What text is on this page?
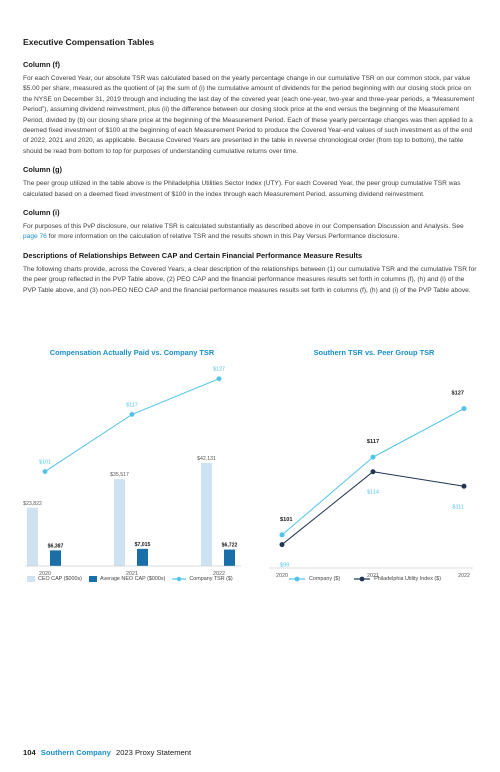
Executive Compensation Tables
Column (f)

For each Covered Year, our absolute TSR was calculated based on the yearly percentage change in our cumulative TSR on our common stock, par value $5.00 per share, measured as the quotient of (a) the sum of (i) the cumulative amount of dividends for the period beginning with our closing stock price on the NYSE on December 31, 2019 through and including the last day of the covered year (each one-year, two-year and three-year periods, a “Measurement Period”), assuming dividend reinvestment, plus (ii) the difference between our closing stock price at the end versus the beginning of the Measurement Period, divided by (b) our closing share price at the beginning of the Measurement Period. Each of these yearly percentage changes was then applied to a deemed fixed investment of $100 at the beginning of each Measurement Period to produce the Covered Year-end values of such investment as of the end of 2022, 2021 and 2020, as applicable. Because Covered Years are presented in the table in reverse chronological order (from top to bottom), the table should be read from bottom to top for purposes of understanding cumulative returns over time.

Column (g)

The peer group utilized in the table above is the Philadelphia Utilities Sector Index (UTY). For each Covered Year, the peer group cumulative TSR was calculated based on a deemed fixed investment of $100 in the index through each Measurement Period, assuming dividend reinvestment.

Column (i)

For purposes of this PvP disclosure, our relative TSR is calculated substantially as described above in our Compensation Discussion and Analysis. See page 76 for more information on the calculation of relative TSR and the results shown in this Pay Versus Performance disclosure.

Descriptions of Relationships Between CAP and Certain Financial Performance Measure Results

The following charts provide, across the Covered Years, a clear description of the relationships between (1) our cumulative TSR and the cumulative TSR for the peer group reflected in the PVP Table above, (2) PEO CAP and the financial performance measures results set forth in columns (f), (h) and (i) of the PVP Table above, and (3) non-PEO NEO CAP and the financial performance measures results set forth in columns (f), (h) and (i) of the PVP Table above.

Compensation Actually Paid vs. Company TSR	Southern TSR vs. Peer Group TSR
$23,822
$6,387
2020
$35,517
$7,015
2021
$42,131
$6,722
2022
$101
$117
$127
$101
$117
$127
$99
$114
$111
2020	2021	2022
CEO CAP ($000s)	Average NEO CAP ($000s)	Company TSR ($)	Company ($)	Philadelphia Utility Index ($)
104 Southern Company 2023 Proxy Statement
